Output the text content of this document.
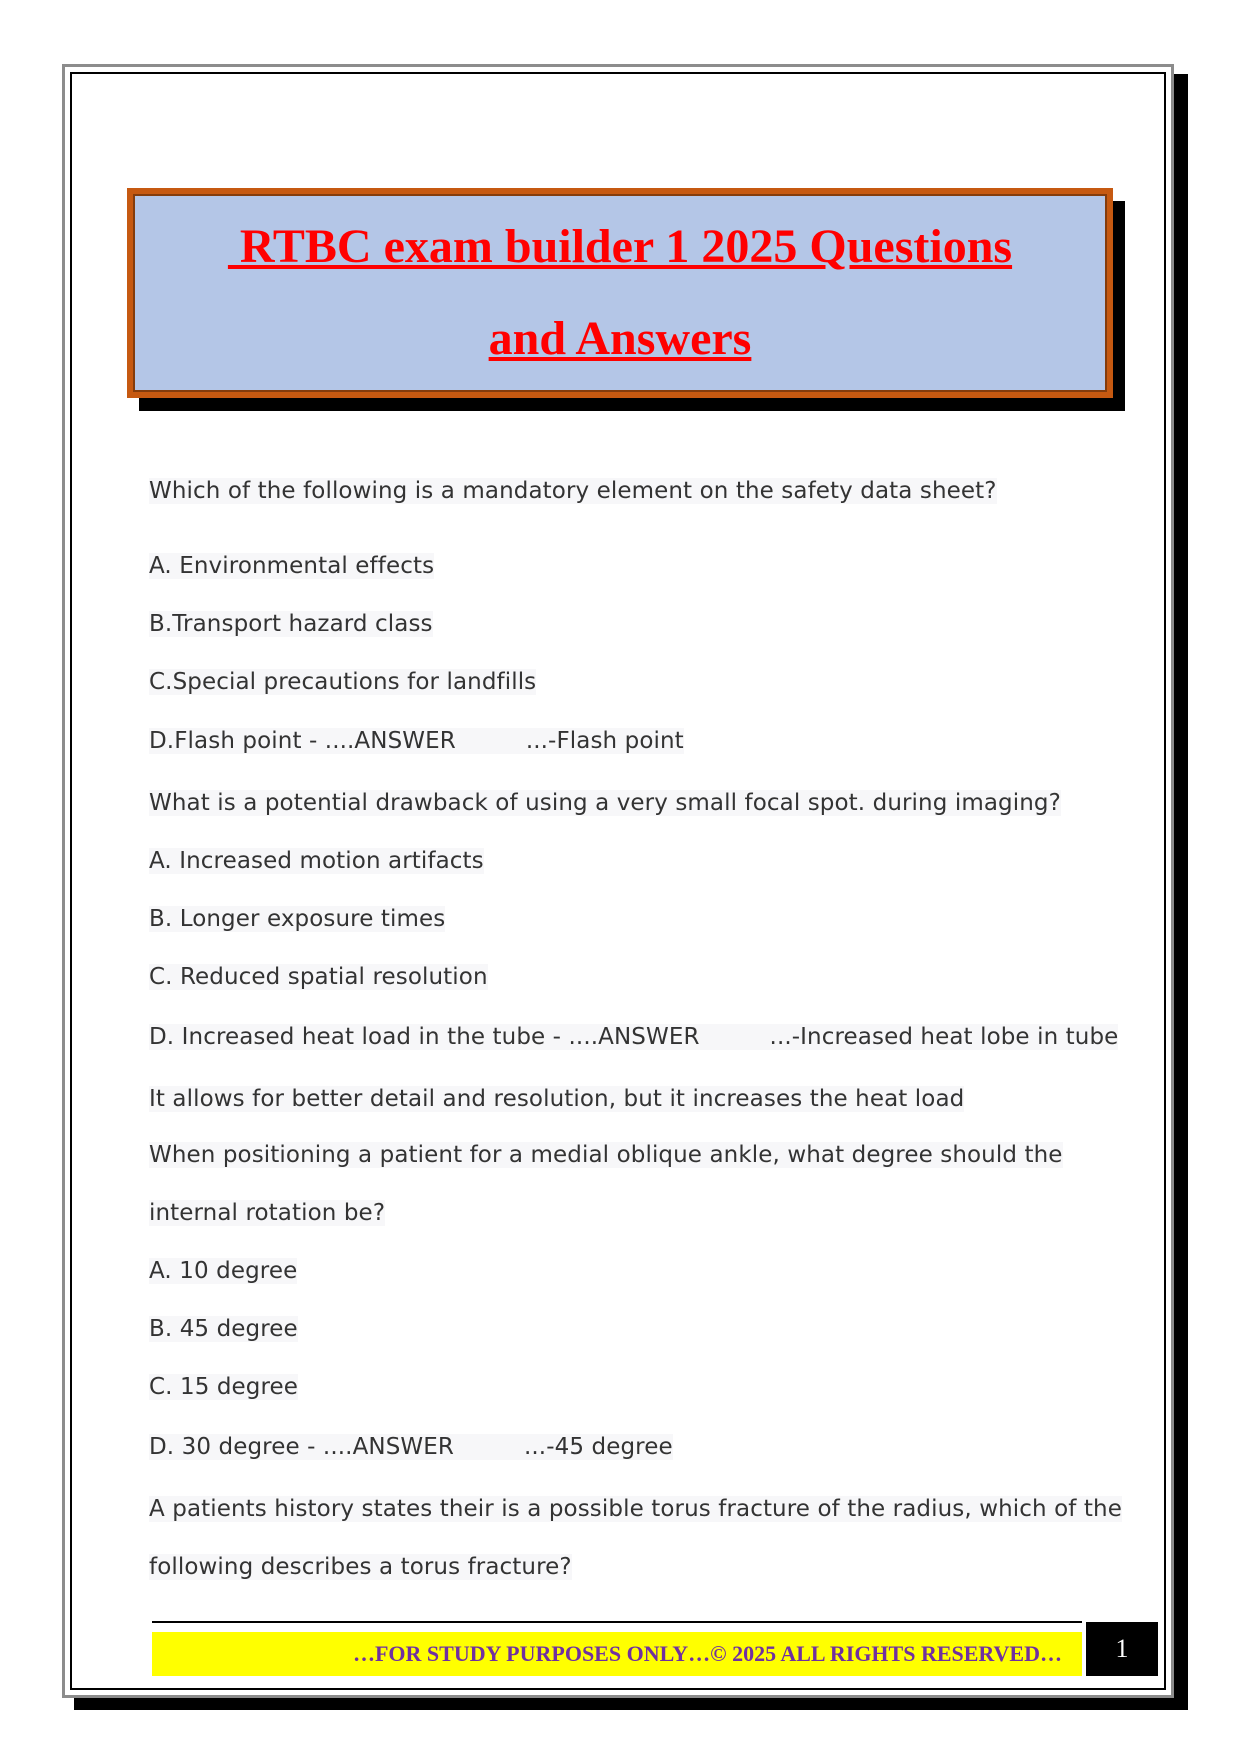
RTBC exam builder 1 2025 Questions
and Answers
Which of the following is a mandatory element on the safety data sheet?
A. Environmental effects
B.Transport hazard class
C.Special precautions for landfills
D.Flash point - ....ANSWER	...-Flash point
What is a potential drawback of using a very small focal spot. during imaging?
A. Increased motion artifacts
B. Longer exposure times
C. Reduced spatial resolution
D. Increased heat load in the tube - ....ANSWER	...-Increased heat lobe in tube
It allows for better detail and resolution, but it increases the heat load
When positioning a patient for a medial oblique ankle, what degree should the
internal rotation be?
A. 10 degree
B. 45 degree
C. 15 degree
D. 30 degree - ....ANSWER	...-45 degree
A patients history states their is a possible torus fracture of the radius, which of the
following describes a torus fracture?
…FOR STUDY PURPOSES ONLY…© 2025 ALL RIGHTS RESERVED…	1
